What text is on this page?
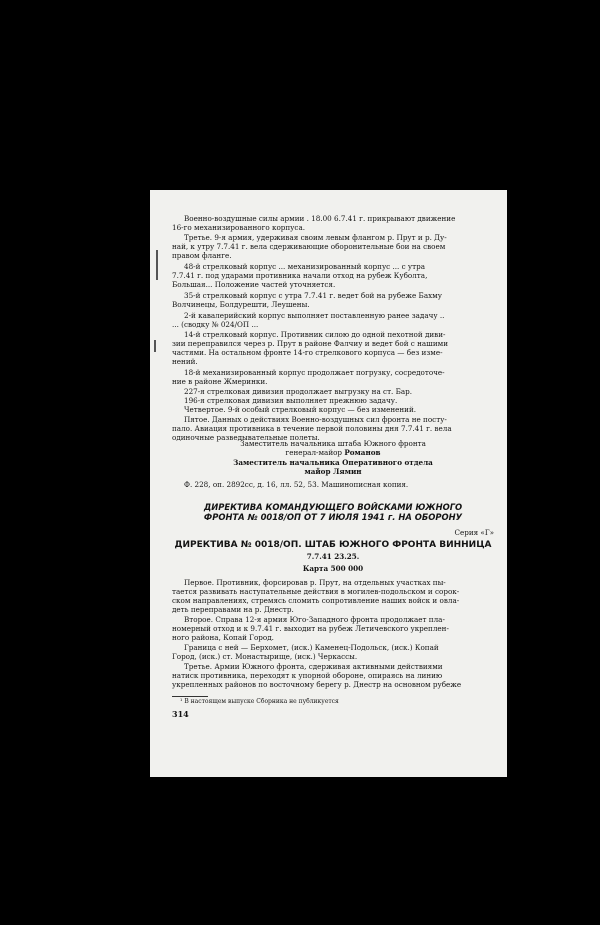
Военно-воздушные силы армии . 18.00 6.7.41 г. прикрывают движение
16-го механизированного корпуса.
Третье. 9-я армия, удерживая своим левым флангом р. Прут и р. Ду-
най, к утру 7.7.41 г. вела сдерживающие оборонительные бои на своем
правом фланге.
48-й стрелковый корпус ... механизированный корпус ... с утра
7.7.41 г. под ударами противника начали отход на рубеж Куболта,
Большая... Положение частей уточняется.
35-й стрелковый корпус с утра 7.7.41 г. ведет бой на рубеже Бахму
Волчинецы, Болдурешти, Леушены.
2-й кавалерийский корпус выполняет поставленную ранее задачу ..
... (сводку № 024/ОП ...
14-й стрелковый корпус. Противник силою до одной пехотной диви-
зии переправился через р. Прут в районе Фалчиу и ведет бой с нашими
частями. На остальном фронте 14-го стрелкового корпуса — без изме-
нений.
18-й механизированный корпус продолжает погрузку, сосредоточе-
ние в районе Жмеринки.
227-я стрелковая дивизия продолжает выгрузку на ст. Бар.
196-я стрелковая дивизия выполняет прежнюю задачу.
Четвертое. 9-й особый стрелковый корпус — без изменений.
Пятое. Данных о действиях Военно-воздушных сил фронта не посту-
пало. Авиация противника в течение первой половины дня 7.7.41 г. вела
одиночные разведывательные полеты.
Заместитель начальника штаба Южного фронта
генерал-майор Романов
Заместитель начальника Оперативного отдела
майор Лямин
Ф. 228, оп. 2892сс, д. 16, лл. 52, 53. Машинописная копия.
ДИРЕКТИВА КОМАНДУЮЩЕГО ВОЙСКАМИ ЮЖНОГО
ФРОНТА № 0018/ОП ОТ 7 ИЮЛЯ 1941 г. НА ОБОРОНУ
Серия «Г»
ДИРЕКТИВА № 0018/ОП. ШТАБ ЮЖНОГО ФРОНТА ВИННИЦА
7.7.41 23.25.
Карта 500 000
Первое. Противник, форсировав р. Прут, на отдельных участках пы-
тается развивать наступательные действия в могилев-подольском и сорок-
ском направлениях, стремясь сломить сопротивление наших войск и овла-
деть переправами на р. Днестр.
Второе. Справа 12-я армия Юго-Западного фронта продолжает пла-
номерный отход и к 9.7.41 г. выходит на рубеж Летичевского укреплен-
ного района, Копай Город.
Граница с ней — Берхомет, (иск.) Каменец-Подольск, (иск.) Копай
Город, (иск.) ст. Монастырище, (иск.) Черкассы.
Третье. Армии Южного фронта, сдерживая активными действиями
натиск противника, переходят к упорной обороне, опираясь на линию
укрепленных районов по восточному берегу р. Днестр на основном рубеже
¹ В настоящем выпуске Сборника не публикуется
314
